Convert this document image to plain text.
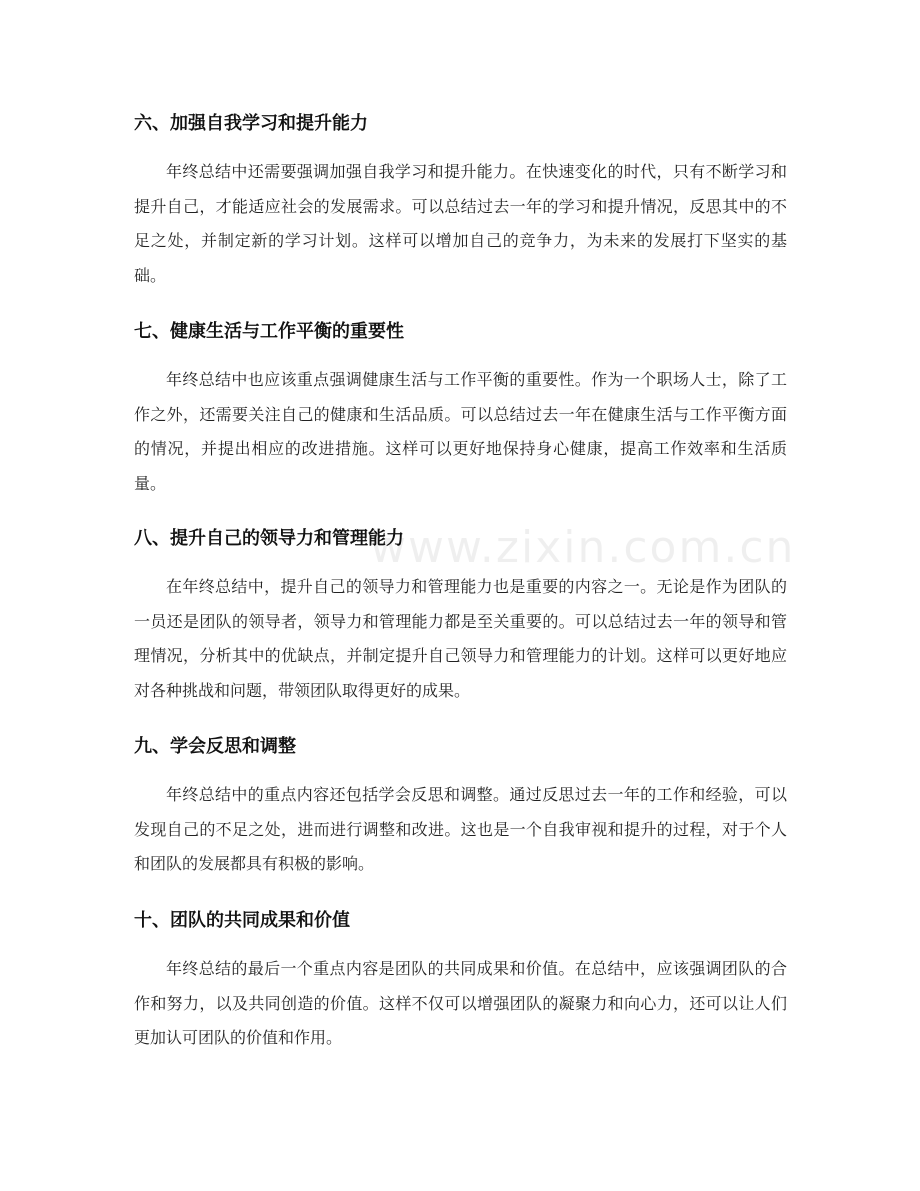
www.zixin.com.cn
六、加强自我学习和提升能力

年终总结中还需要强调加强自我学习和提升能力。在快速变化的时代，只有不断学习和提升自己，才能适应社会的发展需求。可以总结过去一年的学习和提升情况，反思其中的不足之处，并制定新的学习计划。这样可以增加自己的竞争力，为未来的发展打下坚实的基础。

七、健康生活与工作平衡的重要性

年终总结中也应该重点强调健康生活与工作平衡的重要性。作为一个职场人士，除了工作之外，还需要关注自己的健康和生活品质。可以总结过去一年在健康生活与工作平衡方面的情况，并提出相应的改进措施。这样可以更好地保持身心健康，提高工作效率和生活质量。

八、提升自己的领导力和管理能力

在年终总结中，提升自己的领导力和管理能力也是重要的内容之一。无论是作为团队的一员还是团队的领导者，领导力和管理能力都是至关重要的。可以总结过去一年的领导和管理情况，分析其中的优缺点，并制定提升自己领导力和管理能力的计划。这样可以更好地应对各种挑战和问题，带领团队取得更好的成果。

九、学会反思和调整

年终总结中的重点内容还包括学会反思和调整。通过反思过去一年的工作和经验，可以发现自己的不足之处，进而进行调整和改进。这也是一个自我审视和提升的过程，对于个人和团队的发展都具有积极的影响。

十、团队的共同成果和价值

年终总结的最后一个重点内容是团队的共同成果和价值。在总结中，应该强调团队的合作和努力，以及共同创造的价值。这样不仅可以增强团队的凝聚力和向心力，还可以让人们更加认可团队的价值和作用。
